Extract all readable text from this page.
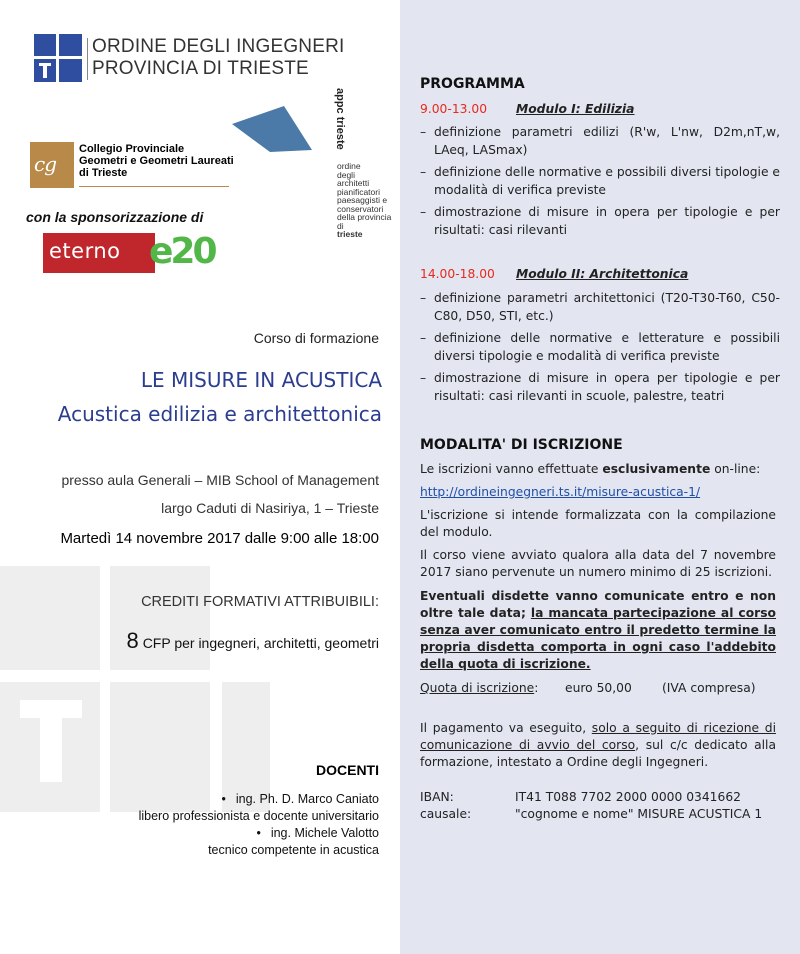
ORDINE DEGLI INGEGNERI
PROVINCIA DI TRIESTE
appc trieste
ordine
degli
architetti
pianificatori
paesaggisti e
conservatori
della provincia di
trieste
cg
Collegio Provinciale
Geometri e Geometri Laureati
di Trieste
con la sponsorizzazione di
eterno e20
Corso di formazione
LE MISURE IN ACUSTICA
Acustica edilizia e architettonica
presso aula Generali – MIB School of Management
largo Caduti di Nasiriya, 1 – Trieste
Martedì 14 novembre 2017 dalle 9:00 alle 18:00
CREDITI FORMATIVI ATTRIBUIBILI:
8 CFP per ingegneri, architetti, geometri
DOCENTI
• ing. Ph. D. Marco Caniato
libero professionista e docente universitario
• ing. Michele Valotto
tecnico competente in acustica
PROGRAMMA
9.00-13.00 Modulo I: Edilizia
– definizione parametri edilizi (R'w, L'nw, D2m,nT,w, LAeq, LASmax)
– definizione delle normative e possibili diversi tipologie e modalità di verifica previste
– dimostrazione di misure in opera per tipologie e per risultati: casi rilevanti
14.00-18.00 Modulo II: Architettonica
– definizione parametri architettonici (T20-T30-T60, C50-C80, D50, STI, etc.)
– definizione delle normative e letterature e possibili diversi tipologie e modalità di verifica previste
– dimostrazione di misure in opera per tipologie e per risultati: casi rilevanti in scuole, palestre, teatri
MODALITA' DI ISCRIZIONE
Le iscrizioni vanno effettuate esclusivamente on-line:
http://ordineingegneri.ts.it/misure-acustica-1/
L'iscrizione si intende formalizzata con la compilazione del modulo.
Il corso viene avviato qualora alla data del 7 novembre 2017 siano pervenute un numero minimo di 25 iscrizioni.
Eventuali disdette vanno comunicate entro e non oltre tale data; la mancata partecipazione al corso senza aver comunicato entro il predetto termine la propria disdetta comporta in ogni caso l'addebito della quota di iscrizione.
Quota di iscrizione: euro 50,00 (IVA compresa)
Il pagamento va eseguito, solo a seguito di ricezione di comunicazione di avvio del corso, sul c/c dedicato alla formazione, intestato a Ordine degli Ingegneri.
IBAN:	IT41 T088 7702 2000 0000 0341662
causale:	"cognome e nome" MISURE ACUSTICA 1
